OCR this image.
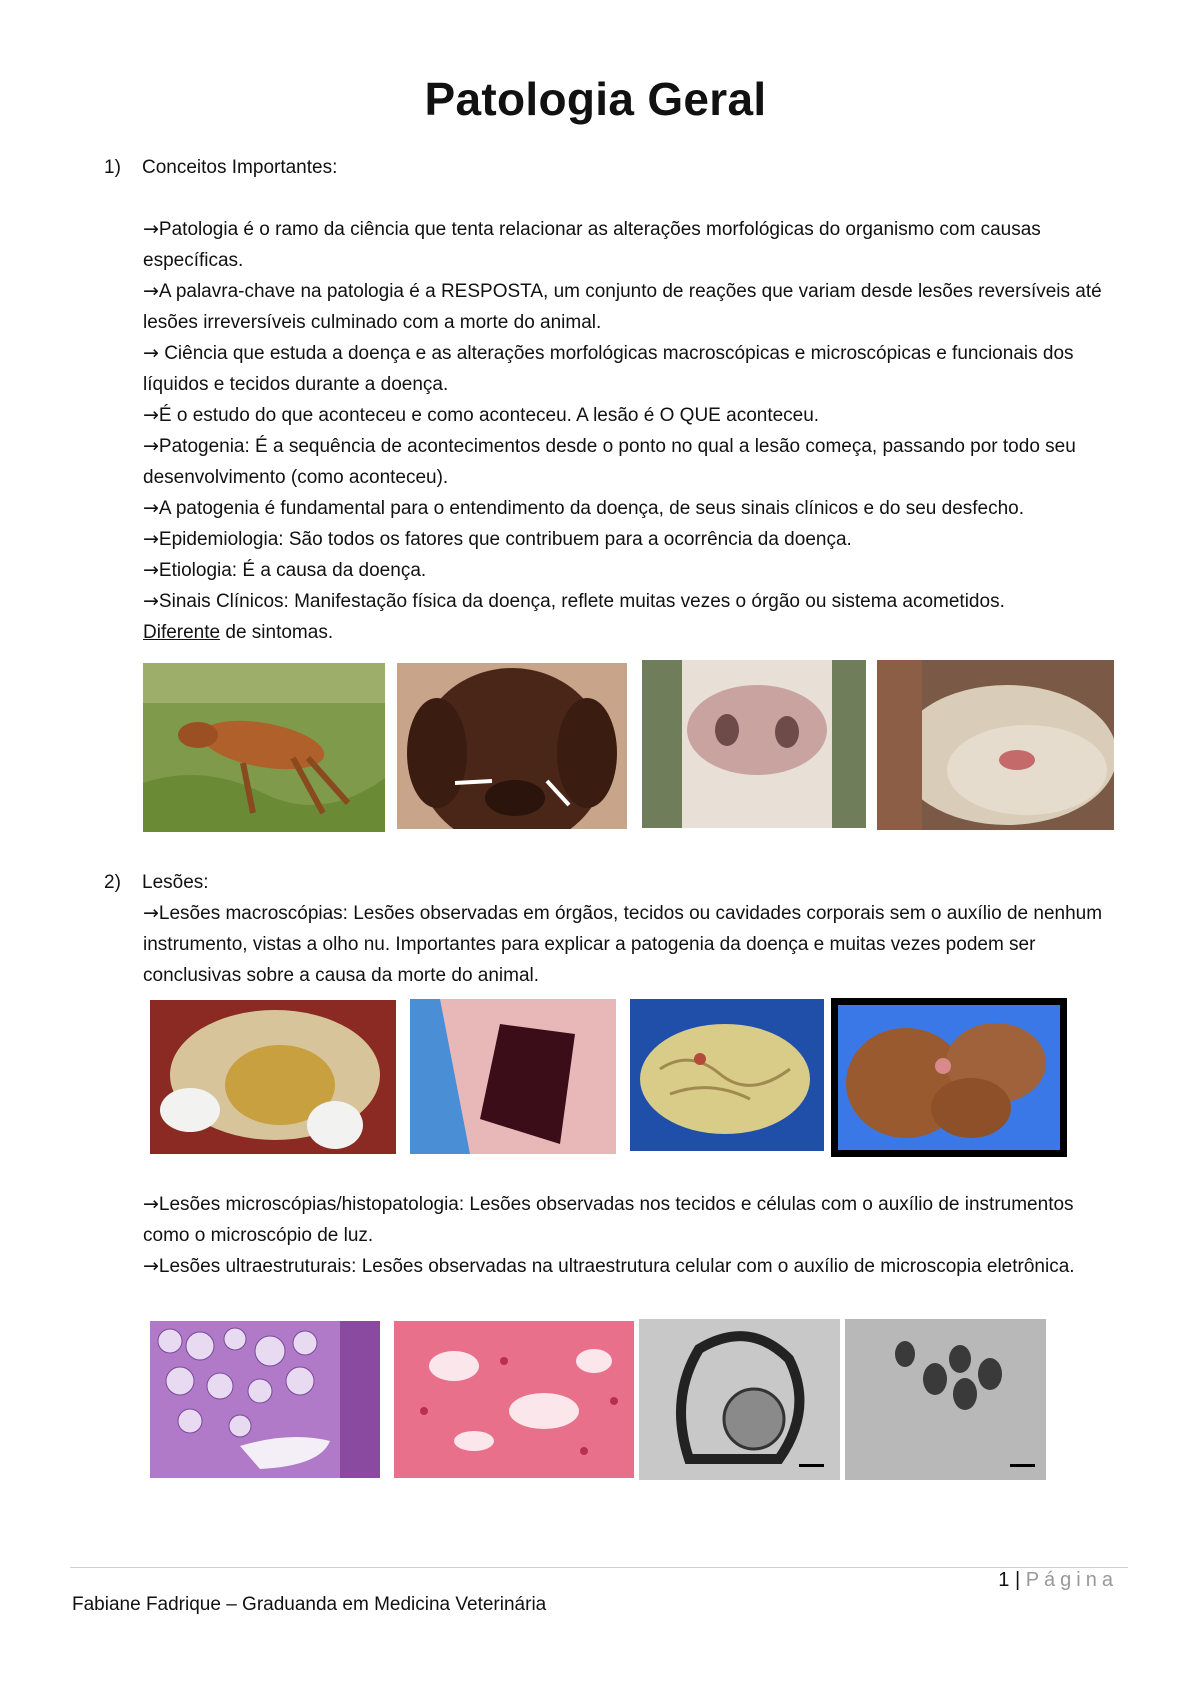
Patologia Geral
1) Conceitos Importantes:

→Patologia é o ramo da ciência que tenta relacionar as alterações morfológicas do organismo com causas específicas.

→A palavra-chave na patologia é a RESPOSTA, um conjunto de reações que variam desde lesões reversíveis até lesões irreversíveis culminado com a morte do animal.

→ Ciência que estuda a doença e as alterações morfológicas macroscópicas e microscópicas e funcionais dos líquidos e tecidos durante a doença.

→É o estudo do que aconteceu e como aconteceu. A lesão é O QUE aconteceu.

→Patogenia: É a sequência de acontecimentos desde o ponto no qual a lesão começa, passando por todo seu desenvolvimento (como aconteceu).

→A patogenia é fundamental para o entendimento da doença, de seus sinais clínicos e do seu desfecho.

→Epidemiologia: São todos os fatores que contribuem para a ocorrência da doença.

→Etiologia: É a causa da doença.

→Sinais Clínicos: Manifestação física da doença, reflete muitas vezes o órgão ou sistema acometidos.

Diferente de sintomas.

2) Lesões:

→Lesões macroscópias: Lesões observadas em órgãos, tecidos ou cavidades corporais sem o auxílio de nenhum instrumento, vistas a olho nu. Importantes para explicar a patogenia da doença e muitas vezes podem ser conclusivas sobre a causa da morte do animal.

→Lesões microscópias/histopatologia: Lesões observadas nos tecidos e células com o auxílio de instrumentos como o microscópio de luz.

→Lesões ultraestruturais: Lesões observadas na ultraestrutura celular com o auxílio de microscopia eletrônica.

1 | Página
Fabiane Fadrique – Graduanda em Medicina Veterinária
